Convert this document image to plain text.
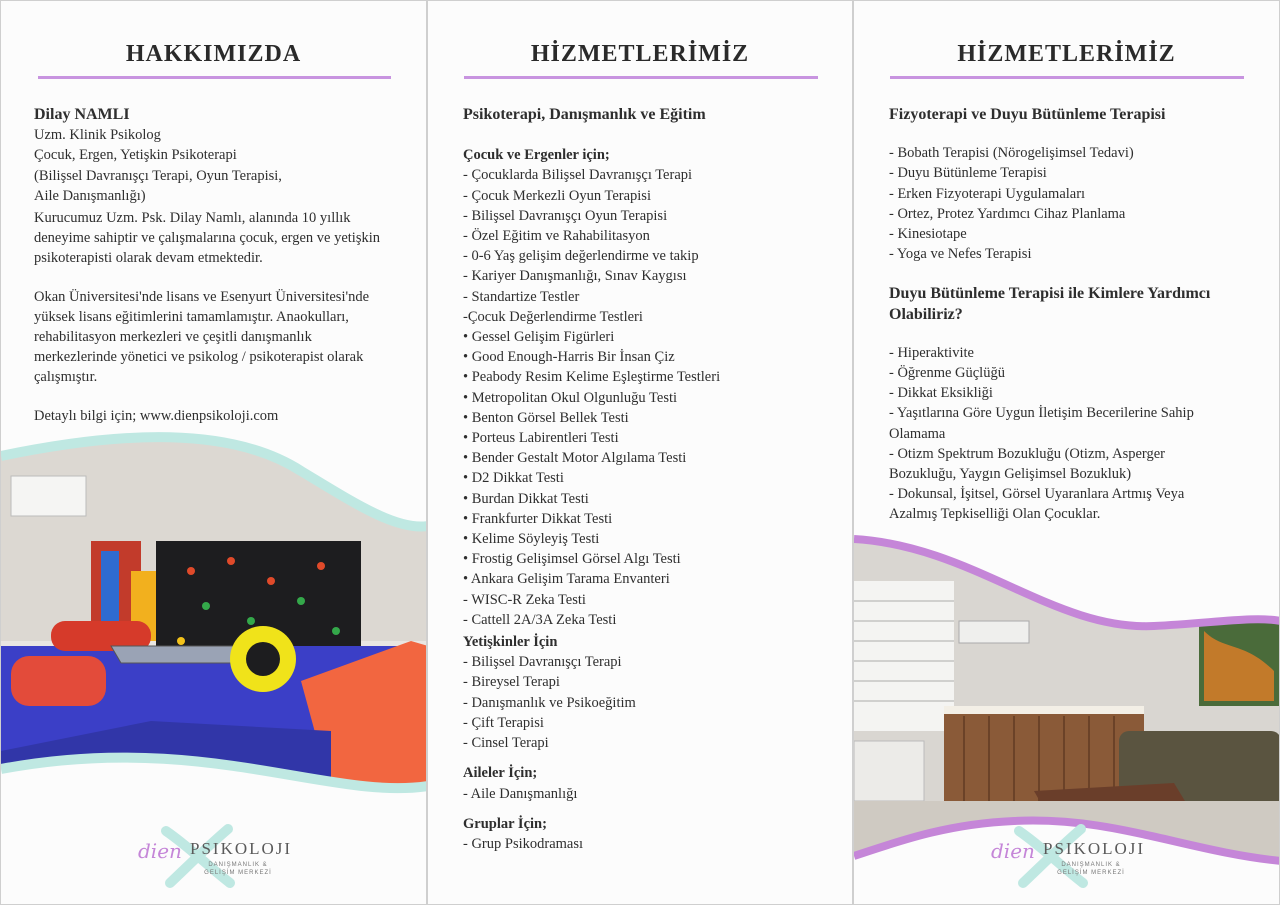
HAKKIMIZDA
Dilay NAMLI
Uzm. Klinik Psikolog
Çocuk, Ergen, Yetişkin Psikoterapi
(Bilişsel Davranışçı Terapi, Oyun Terapisi,
Aile Danışmanlığı)
Kurucumuz Uzm. Psk. Dilay Namlı, alanında 10 yıllık
deneyime sahiptir ve çalışmalarına çocuk, ergen ve yetişkin
psikoterapisti olarak devam etmektedir.
Okan Üniversitesi'nde lisans ve Esenyurt Üniversitesi'nde
yüksek lisans eğitimlerini tamamlamıştır. Anaokulları,
rehabilitasyon merkezleri ve çeşitli danışmanlık
merkezlerinde yönetici ve psikolog / psikoterapist olarak
çalışmıştır.
Detaylı bilgi için; www.dienpsikoloji.com
dien PSIKOLOJI
DANIŞMANLIK &
GELİŞİM MERKEZİ
HİZMETLERİMİZ
Psikoterapi, Danışmanlık ve Eğitim
Çocuk ve Ergenler için;
- Çocuklarda Bilişsel Davranışçı Terapi
- Çocuk Merkezli Oyun Terapisi
- Bilişsel Davranışçı Oyun Terapisi
- Özel Eğitim ve Rahabilitasyon
- 0-6 Yaş gelişim değerlendirme ve takip
- Kariyer Danışmanlığı, Sınav Kaygısı
- Standartize Testler
-Çocuk Değerlendirme Testleri
• Gessel Gelişim Figürleri
• Good Enough-Harris Bir İnsan Çiz
• Peabody Resim Kelime Eşleştirme Testleri
• Metropolitan Okul Olgunluğu Testi
• Benton Görsel Bellek Testi
• Porteus Labirentleri Testi
• Bender Gestalt Motor Algılama Testi
• D2 Dikkat Testi
• Burdan Dikkat Testi
• Frankfurter Dikkat Testi
• Kelime Söyleyiş Testi
• Frostig Gelişimsel Görsel Algı Testi
• Ankara Gelişim Tarama Envanteri
- WISC-R Zeka Testi
- Cattell 2A/3A Zeka Testi
Yetişkinler İçin
- Bilişsel Davranışçı Terapi
- Bireysel Terapi
- Danışmanlık ve Psikoeğitim
- Çift Terapisi
- Cinsel Terapi
Aileler İçin;
- Aile Danışmanlığı
Gruplar İçin;
- Grup Psikodraması
HİZMETLERİMİZ
Fizyoterapi ve Duyu Bütünleme Terapisi
- Bobath Terapisi (Nörogelişimsel Tedavi)
- Duyu Bütünleme Terapisi
- Erken Fizyoterapi Uygulamaları
- Ortez, Protez Yardımcı Cihaz Planlama
- Kinesiotape
- Yoga ve Nefes Terapisi
Duyu Bütünleme Terapisi ile Kimlere Yardımcı
Olabiliriz?
- Hiperaktivite
- Öğrenme Güçlüğü
- Dikkat Eksikliği
- Yaşıtlarına Göre Uygun İletişim Becerilerine Sahip
Olamama
- Otizm Spektrum Bozukluğu (Otizm, Asperger
Bozukluğu, Yaygın Gelişimsel Bozukluk)
- Dokunsal, İşitsel, Görsel Uyaranlara Artmış Veya
Azalmış Tepkiselliği Olan Çocuklar.
dien PSIKOLOJI
DANIŞMANLIK &
GELİŞİM MERKEZİ
